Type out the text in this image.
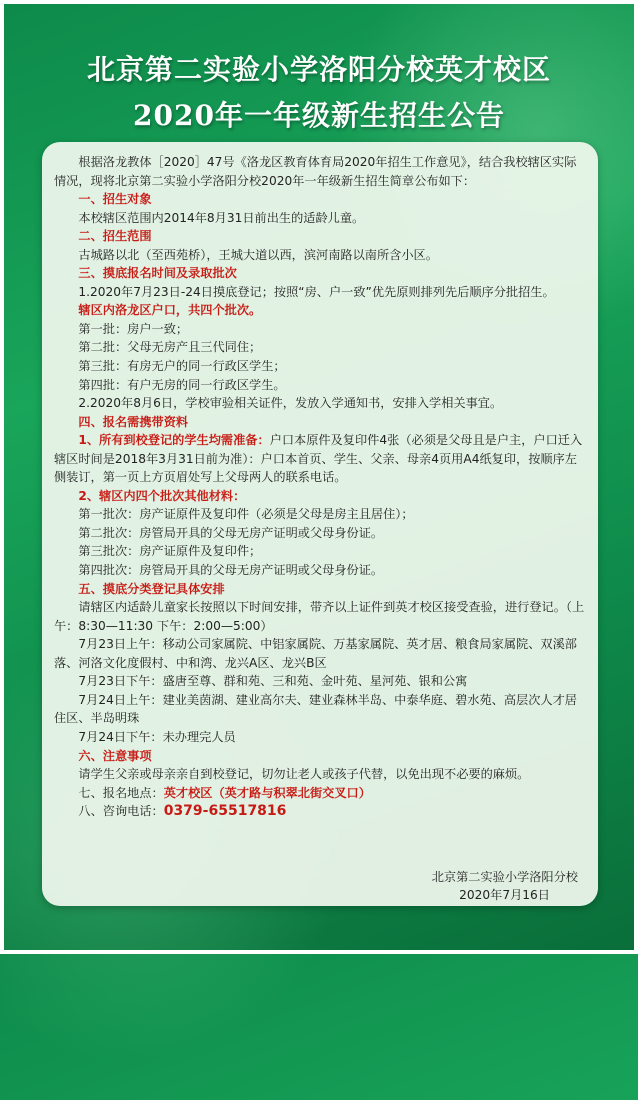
北京第二实验小学洛阳分校英才校区
2020年一年级新生招生公告

根据洛龙教体［2020］47号《洛龙区教育体育局2020年招生工作意见》，结合我校辖区实际情况，现将北京第二实验小学洛阳分校2020年一年级新生招生简章公布如下：

一、招生对象

本校辖区范围内2014年8月31日前出生的适龄儿童。

二、招生范围

古城路以北（至西苑桥），王城大道以西，滨河南路以南所含小区。

三、摸底报名时间及录取批次

1.2020年7月23日-24日摸底登记；按照“房、户一致”优先原则排列先后顺序分批招生。

辖区内洛龙区户口，共四个批次。

第一批：房户一致；

第二批：父母无房产且三代同住；

第三批：有房无户的同一行政区学生；

第四批：有户无房的同一行政区学生。

2.2020年8月6日，学校审验相关证件，发放入学通知书，安排入学相关事宜。

四、报名需携带资料

1、所有到校登记的学生均需准备：户口本原件及复印件4张（必须是父母且是户主，户口迁入辖区时间是2018年3月31日前为准）：户口本首页、学生、父亲、母亲4页用A4纸复印，按顺序左侧装订，第一页上方页眉处写上父母两人的联系电话。

2、辖区内四个批次其他材料：

第一批次：房产证原件及复印件（必须是父母是房主且居住）；

第二批次：房管局开具的父母无房产证明或父母身份证。

第三批次：房产证原件及复印件；

第四批次：房管局开具的父母无房产证明或父母身份证。

五、摸底分类登记具体安排

请辖区内适龄儿童家长按照以下时间安排，带齐以上证件到英才校区接受查验，进行登记。（上午：8:30—11:30 下午：2:00—5:00）

7月23日上午：移动公司家属院、中铝家属院、万基家属院、英才居、粮食局家属院、双溪部落、河洛文化度假村、中和湾、龙兴A区、龙兴B区

7月23日下午：盛唐至尊、群和苑、三和苑、金叶苑、星河苑、银和公寓

7月24日上午：建业美茵湖、建业高尔夫、建业森林半岛、中泰华庭、碧水苑、高层次人才居住区、半岛明珠

7月24日下午：未办理完人员

六、注意事项

请学生父亲或母亲亲自到校登记，切勿让老人或孩子代替，以免出现不必要的麻烦。

七、报名地点：英才校区（英才路与积翠北街交叉口）

八、咨询电话：0379-65517816

北京第二实验小学洛阳分校
2020年7月16日
